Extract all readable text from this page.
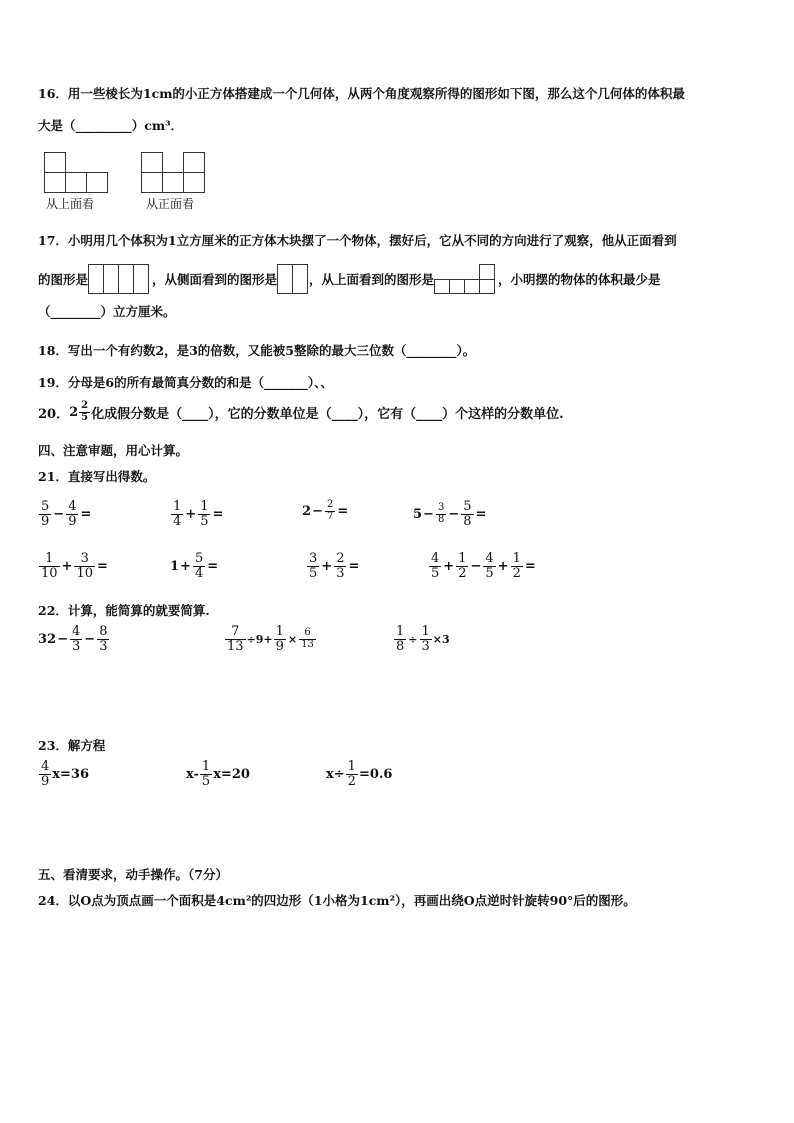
16．用一些棱长为1cm的小正方体搭建成一个几何体，从两个角度观察所得的图形如下图，那么这个几何体的体积最
大是（_________）cm³．
从上面看	从正面看
17．小明用几个体积为1立方厘米的正方体木块摆了一个物体，摆好后，它从不同的方向进行了观察，他从正面看到
的图形是	，从侧面看到的图形是	，从上面看到的图形是	，小明摆的物体的体积最少是
（________）立方厘米。
18．写出一个有约数2，是3的倍数，又能被5整除的最大三位数（________）。
19．分母是6的所有最简真分数的和是（_______）、、
20． $2 \frac{2}{5}$ 化成假分数是（____），它的分数单位是（____），它有（____）个这样的分数单位.
四、注意审题，用心计算。
21．直接写出得数。
$\frac{5}{9} - \frac{4}{9}$ =	$\frac{1}{4} + \frac{1}{5}$ =	$2 - \frac{2}{7}$ =	$5 - \frac{3}{8} - \frac{5}{8}$ =
$\frac{1}{10} + \frac{3}{10}$ =	$1 + \frac{5}{4}$ =	$\frac{3}{5} + \frac{2}{3}$ =	$\frac{4}{5} + \frac{1}{2} - \frac{4}{5} + \frac{1}{2}$ =
22．计算，能简算的就要简算.
$32 - \frac{4}{3} - \frac{8}{3}$	$\frac{7}{13} \div 9+ \frac{1}{9} \times \frac{6}{13}$	$\frac{1}{8} \div \frac{1}{3} \times 3$
23．解方程
$\frac{4}{9} x=36$	$x- \frac{1}{5} x=20$	$x\div \frac{1}{2} =0.6$
五、看清要求，动手操作。（7分）
24．以O点为顶点画一个面积是4cm²的四边形（1小格为1cm²），再画出绕O点逆时针旋转90°后的图形。
